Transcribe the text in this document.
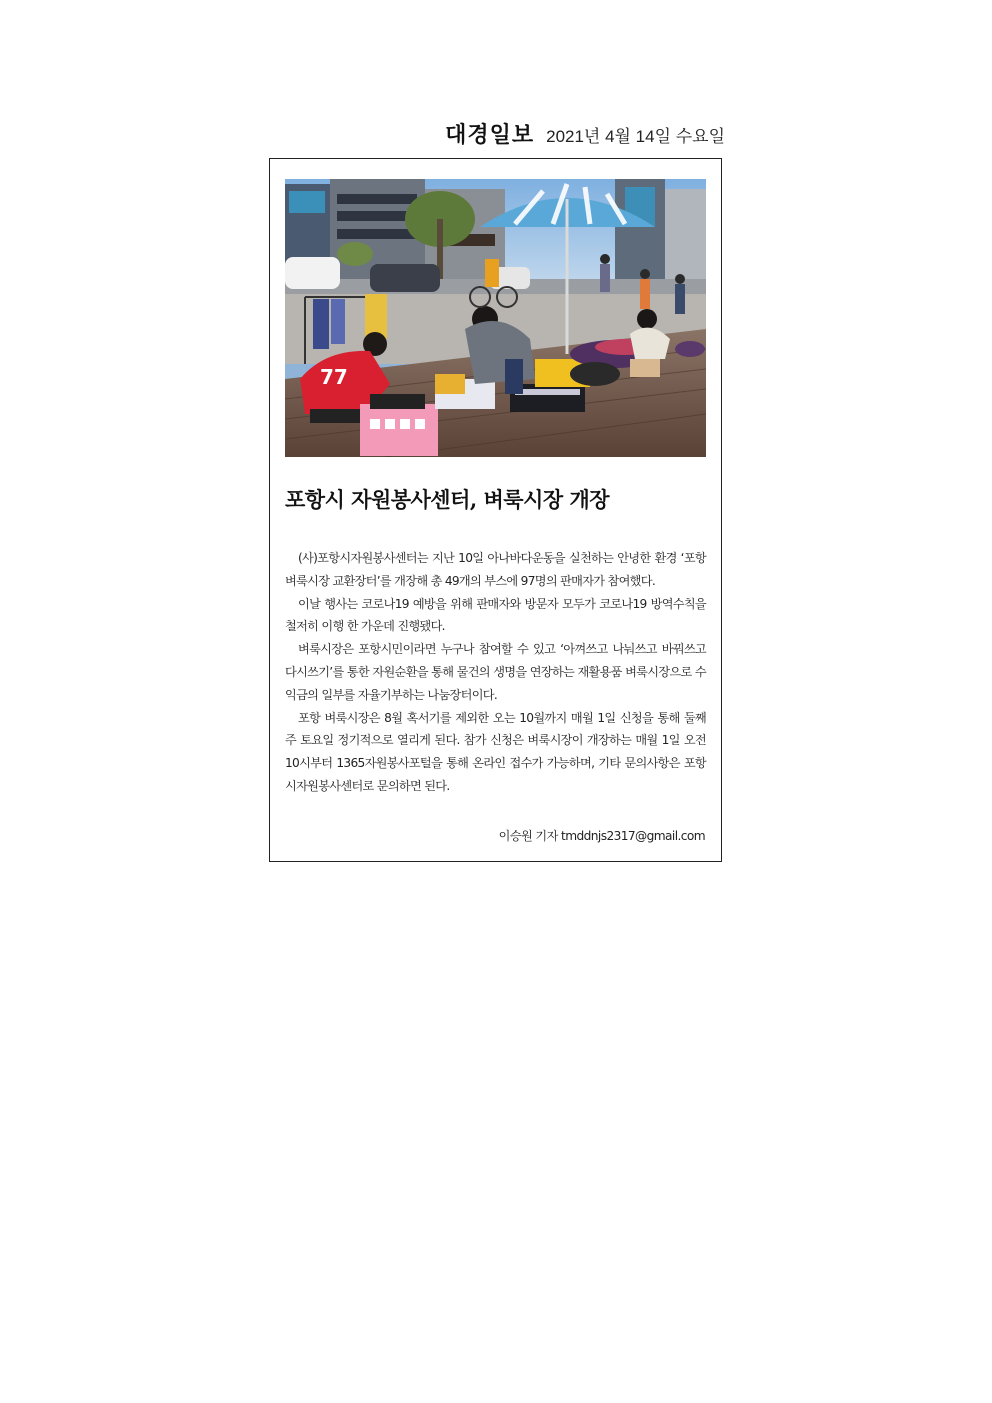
대경일보 2021년 4월 14일 수요일
77
포항시 자원봉사센터, 벼룩시장 개장

(사)포항시자원봉사센터는 지난 10일 아나바다운동을 실천하는 안녕한 환경 ‘포항 벼룩시장 교환장터’를 개장해 총 49개의 부스에 97명의 판매자가 참여했다.

이날 행사는 코로나19 예방을 위해 판매자와 방문자 모두가 코로나19 방역수칙을 철저히 이행 한 가운데 진행됐다.

벼룩시장은 포항시민이라면 누구나 참여할 수 있고 ‘아껴쓰고 나눠쓰고 바꿔쓰고 다시쓰기’를 통한 자원순환을 통해 물건의 생명을 연장하는 재활용품 벼룩시장으로 수익금의 일부를 자율기부하는 나눔장터이다.

포항 벼룩시장은 8월 혹서기를 제외한 오는 10월까지 매월 1일 신청을 통해 둘째 주 토요일 정기적으로 열리게 된다. 참가 신청은 벼룩시장이 개장하는 매월 1일 오전 10시부터 1365자원봉사포털을 통해 온라인 접수가 가능하며, 기타 문의사항은 포항시자원봉사센터로 문의하면 된다.

이승원 기자 tmddnjs2317@gmail.com
